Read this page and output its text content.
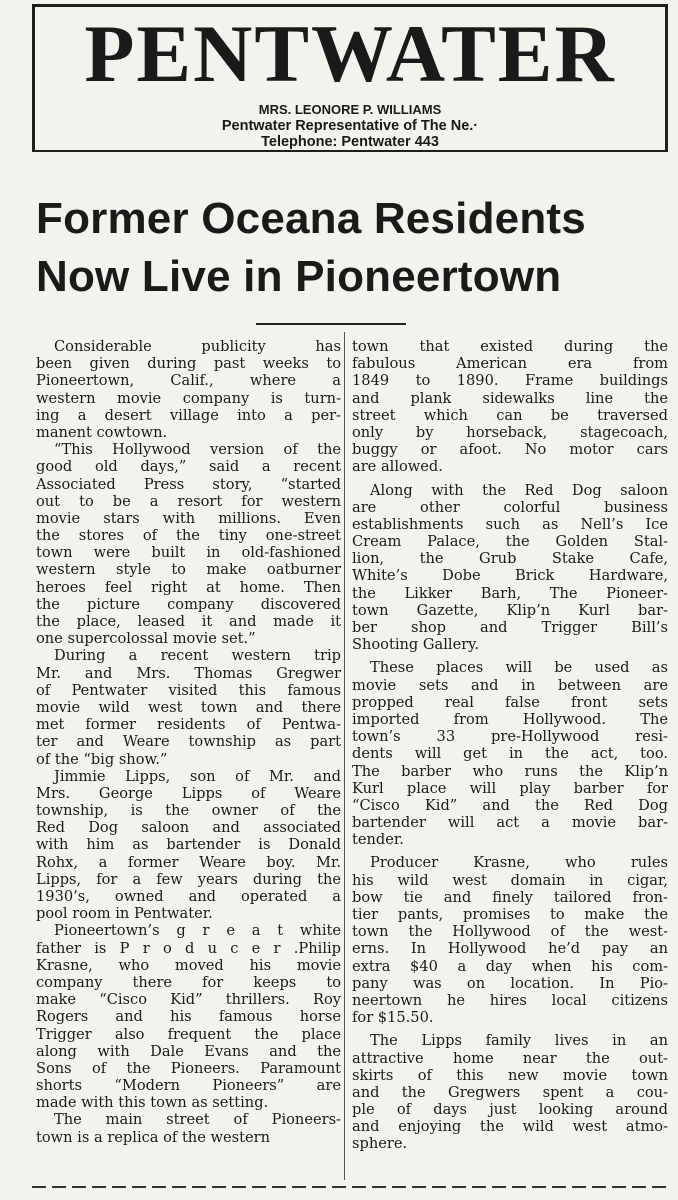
PENTWATER
MRS. LEONORE P. WILLIAMS
Pentwater Representative of The Ne.·
Telephone: Pentwater 443
Former Oceana Residents
Now Live in Pioneertown
Considerable publicity has
been given during past weeks to
Pioneertown, Calif., where a
western movie company is turn-
ing a desert village into a per-
manent cowtown.
“This Hollywood version of the
good old days,” said a recent
Associated Press story, “started
out to be a resort for western
movie stars with millions. Even
the stores of the tiny one-street
town were built in old-fashioned
western style to make oatburner
heroes feel right at home. Then
the picture company discovered
the place, leased it and made it
one supercolossal movie set.”
During a recent western trip
Mr. and Mrs. Thomas Gregwer
of Pentwater visited this famous
movie wild west town and there
met former residents of Pentwa-
ter and Weare township as part
of the “big show.”
Jimmie Lipps, son of Mr. and
Mrs. George Lipps of Weare
township, is the owner of the
Red Dog saloon and associated
with him as bartender is Donald
Rohx, a former Weare boy. Mr.
Lipps, for a few years during the
1930’s, owned and operated a
pool room in Pentwater.
Pioneertown’s g r e a t white
father is P r o d u c e r .Philip
Krasne, who moved his movie
company there for keeps to
make “Cisco Kid” thrillers. Roy
Rogers and his famous horse
Trigger also frequent the place
along with Dale Evans and the
Sons of the Pioneers. Paramount
shorts “Modern Pioneers” are
made with this town as setting.
The main street of Pioneers-
town is a replica of the western
town that existed during the
fabulous American era from
1849 to 1890. Frame buildings
and plank sidewalks line the
street which can be traversed
only by horseback, stagecoach,
buggy or afoot. No motor cars
are allowed.
Along with the Red Dog saloon
are other colorful business
establishments such as Nell’s Ice
Cream Palace, the Golden Stal-
lion, the Grub Stake Cafe,
White’s Dobe Brick Hardware,
the Likker Barh, The Pioneer-
town Gazette, Klip’n Kurl bar-
ber shop and Trigger Bill’s
Shooting Gallery.
These places will be used as
movie sets and in between are
propped real false front sets
imported from Hollywood. The
town’s 33 pre-Hollywood resi-
dents will get in the act, too.
The barber who runs the Klip’n
Kurl place will play barber for
“Cisco Kid” and the Red Dog
bartender will act a movie bar-
tender.
Producer Krasne, who rules
his wild west domain in cigar,
bow tie and finely tailored fron-
tier pants, promises to make the
town the Hollywood of the west-
erns. In Hollywood he’d pay an
extra $40 a day when his com-
pany was on location. In Pio-
neertown he hires local citizens
for $15.50.
The Lipps family lives in an
attractive home near the out-
skirts of this new movie town
and the Gregwers spent a cou-
ple of days just looking around
and enjoying the wild west atmo-
sphere.
